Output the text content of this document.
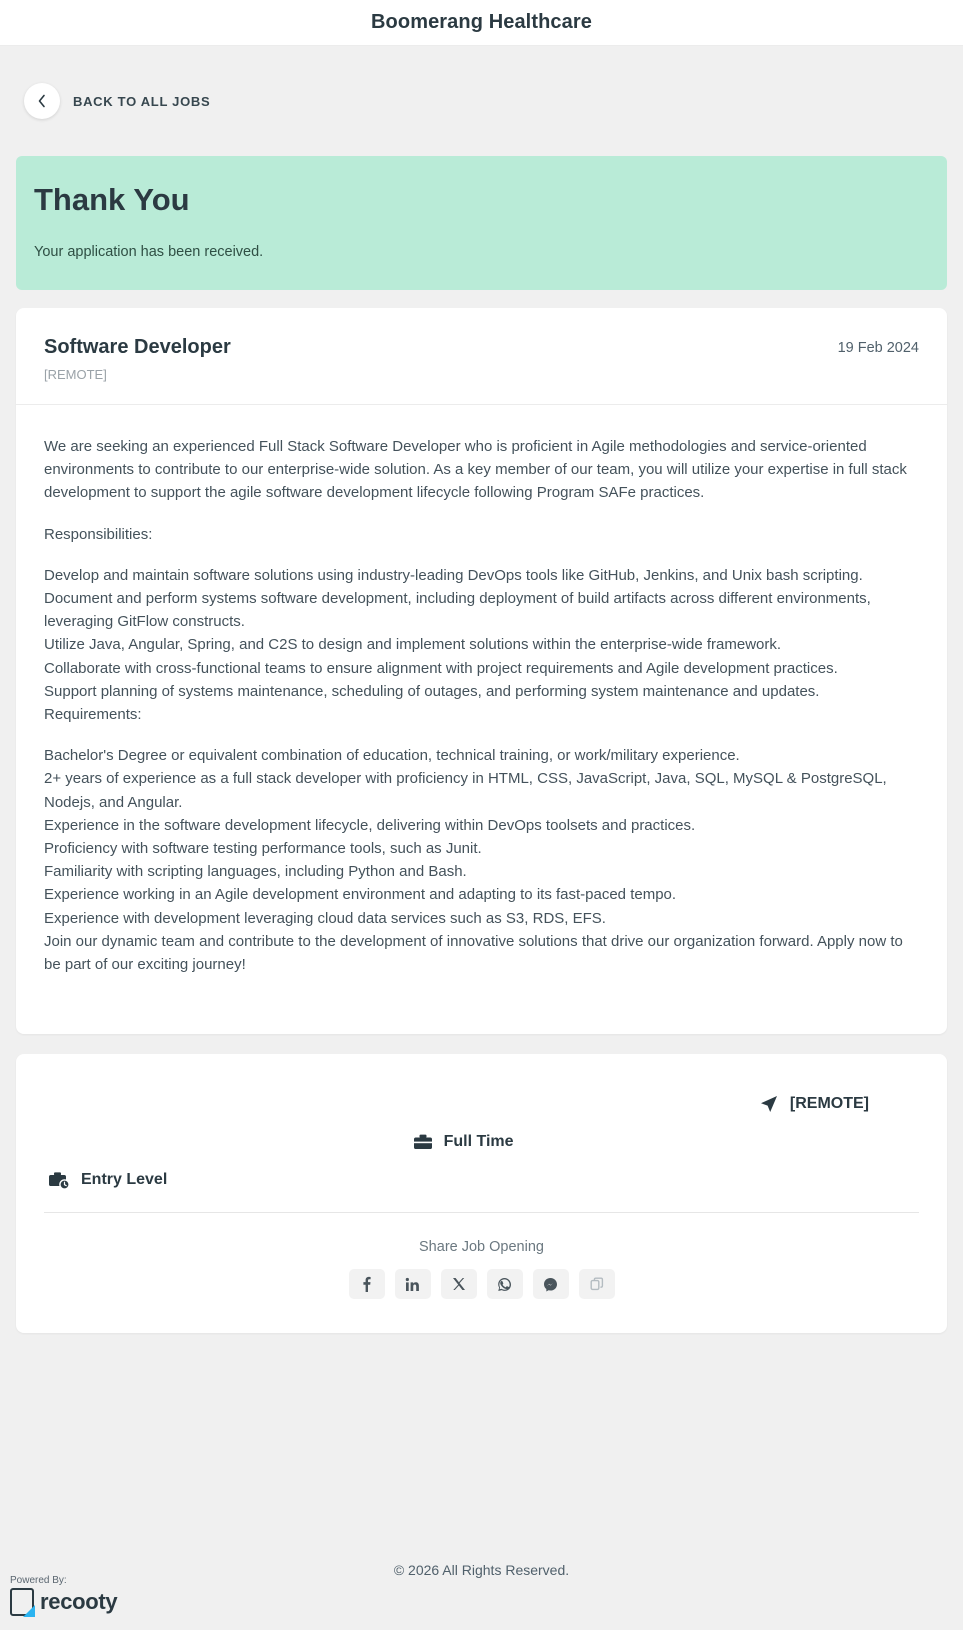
Boomerang Healthcare
BACK TO ALL JOBS
Thank You

Your application has been received.

Software Developer

[REMOTE]

19 Feb 2024

We are seeking an experienced Full Stack Software Developer who is proficient in Agile methodologies and service-oriented environments to contribute to our enterprise-wide solution. As a key member of our team, you will utilize your expertise in full stack development to support the agile software development lifecycle following Program SAFe practices.

Responsibilities:

Develop and maintain software solutions using industry-leading DevOps tools like GitHub, Jenkins, and Unix bash scripting.
Document and perform systems software development, including deployment of build artifacts across different environments, leveraging GitFlow constructs.
Utilize Java, Angular, Spring, and C2S to design and implement solutions within the enterprise-wide framework.
Collaborate with cross-functional teams to ensure alignment with project requirements and Agile development practices.
Support planning of systems maintenance, scheduling of outages, and performing system maintenance and updates.
Requirements:
Bachelor's Degree or equivalent combination of education, technical training, or work/military experience.
2+ years of experience as a full stack developer with proficiency in HTML, CSS, JavaScript, Java, SQL, MySQL & PostgreSQL, Nodejs, and Angular.
Experience in the software development lifecycle, delivering within DevOps toolsets and practices.
Proficiency with software testing performance tools, such as Junit.
Familiarity with scripting languages, including Python and Bash.
Experience working in an Agile development environment and adapting to its fast-paced tempo.
Experience with development leveraging cloud data services such as S3, RDS, EFS.
Join our dynamic team and contribute to the development of innovative solutions that drive our organization forward. Apply now to be part of our exciting journey!
Entry Level
Full Time
[REMOTE]
Share Job Opening
Powered By:
recooty
© 2026 All Rights Reserved.
